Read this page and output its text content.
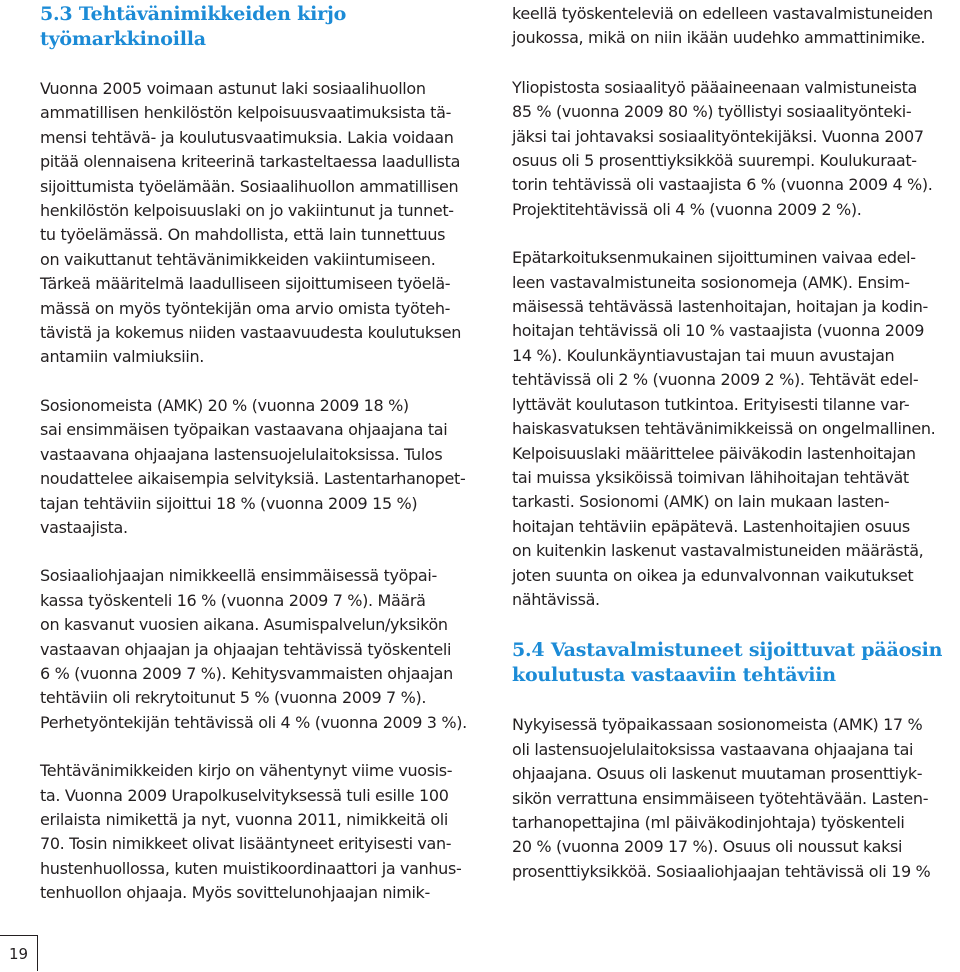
5.3 Tehtävänimikkeiden kirjo työmarkkinoilla

Vuonna 2005 voimaan astunut laki sosiaalihuollon
ammatillisen henkilöstön kelpoisuusvaatimuksista tä-
mensi tehtävä- ja koulutusvaatimuksia. Lakia voidaan
pitää olennaisena kriteerinä tarkasteltaessa laadullista
sijoittumista työelämään. Sosiaalihuollon ammatillisen
henkilöstön kelpoisuuslaki on jo vakiintunut ja tunnet-
tu työelämässä. On mahdollista, että lain tunnettuus
on vaikuttanut tehtävänimikkeiden vakiintumiseen.
Tärkeä määritelmä laadulliseen sijoittumiseen työelä-
mässä on myös työntekijän oma arvio omista työteh-
tävistä ja kokemus niiden vastaavuudesta koulutuksen
antamiin valmiuksiin.

Sosionomeista (AMK) 20 % (vuonna 2009 18 %)
sai ensimmäisen työpaikan vastaavana ohjaajana tai
vastaavana ohjaajana lastensuojelulaitoksissa. Tulos
noudattelee aikaisempia selvityksiä. Lastentarhanopet-
tajan tehtäviin sijoittui 18 % (vuonna 2009 15 %)
vastaajista.

Sosiaaliohjaajan nimikkeellä ensimmäisessä työpai-
kassa työskenteli 16 % (vuonna 2009 7 %). Määrä
on kasvanut vuosien aikana. Asumispalvelun/yksikön
vastaavan ohjaajan ja ohjaajan tehtävissä työskenteli
6 % (vuonna 2009 7 %). Kehitysvammaisten ohjaajan
tehtäviin oli rekrytoitunut 5 % (vuonna 2009 7 %).
Perhetyöntekijän tehtävissä oli 4 % (vuonna 2009 3 %).

Tehtävänimikkeiden kirjo on vähentynyt viime vuosis-
ta. Vuonna 2009 Urapolkuselvityksessä tuli esille 100
erilaista nimikettä ja nyt, vuonna 2011, nimikkeitä oli
70. Tosin nimikkeet olivat lisääntyneet erityisesti van-
hustenhuollossa, kuten muistikoordinaattori ja vanhus-
tenhuollon ohjaaja. Myös sovittelunohjaajan nimik-

keellä työskenteleviä on edelleen vastavalmistuneiden
joukossa, mikä on niin ikään uudehko ammattinimike.

Yliopistosta sosiaalityö pääaineenaan valmistuneista
85 % (vuonna 2009 80 %) työllistyi sosiaalityönteki-
jäksi tai johtavaksi sosiaalityöntekijäksi. Vuonna 2007
osuus oli 5 prosenttiyksikköä suurempi. Koulukuraat-
torin tehtävissä oli vastaajista 6 % (vuonna 2009 4 %).
Projektitehtävissä oli 4 % (vuonna 2009 2 %).

Epätarkoituksenmukainen sijoittuminen vaivaa edel-
leen vastavalmistuneita sosionomeja (AMK). Ensim-
mäisessä tehtävässä lastenhoitajan, hoitajan ja kodin-
hoitajan tehtävissä oli 10 % vastaajista (vuonna 2009
14 %). Koulunkäyntiavustajan tai muun avustajan
tehtävissä oli 2 % (vuonna 2009 2 %). Tehtävät edel-
lyttävät koulutason tutkintoa. Erityisesti tilanne var-
haiskasvatuksen tehtävänimikkeissä on ongelmallinen.
Kelpoisuuslaki määrittelee päiväkodin lastenhoitajan
tai muissa yksiköissä toimivan lähihoitajan tehtävät
tarkasti. Sosionomi (AMK) on lain mukaan lasten-
hoitajan tehtäviin epäpätevä. Lastenhoitajien osuus
on kuitenkin laskenut vastavalmistuneiden määrästä,
joten suunta on oikea ja edunvalvonnan vaikutukset
nähtävissä.

5.4 Vastavalmistuneet sijoittuvat pääosin
koulutusta vastaaviin tehtäviin

Nykyisessä työpaikassaan sosionomeista (AMK) 17 %
oli lastensuojelulaitoksissa vastaavana ohjaajana tai
ohjaajana. Osuus oli laskenut muutaman prosenttiyk-
sikön verrattuna ensimmäiseen työtehtävään. Lasten-
tarhanopettajina (ml päiväkodinjohtaja) työskenteli
20 % (vuonna 2009 17 %). Osuus oli noussut kaksi
prosenttiyksikköä. Sosiaaliohjaajan tehtävissä oli 19 %

19
